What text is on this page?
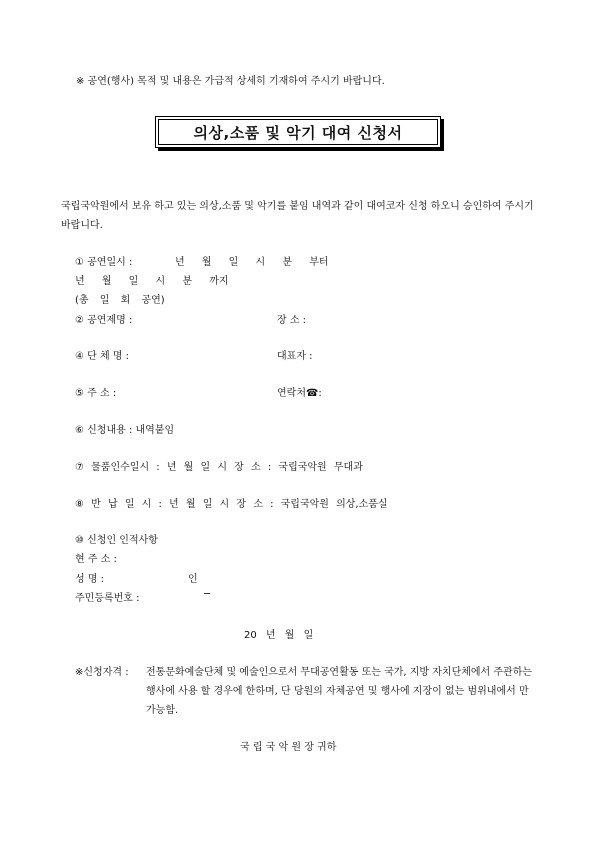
※ 공연(행사) 목적 및 내용은 가급적 상세히 기재하여 주시기 바랍니다.
의상,소품 및 악기 대여 신청서
국립국악원에서 보유 하고 있는 의상,소품 및 악기를 붙임 내역과 같이 대여코자 신청 하오니 승인하여 주시기 바랍니다.
① 공연일시 :	년 월 일 시 분 부터
년 월 일 시 분 까지
(총 일 회 공연)
② 공연제명 :	장 소 :
④ 단 체 명 :	대표자 :
⑤ 주 소 :	연락처☎:
⑥ 신청내용 : 내역붙임
⑦ 물품인수일시 : 년 월 일 시 장 소 : 국립국악원 무대과
⑧ 반 납 일 시 : 년 월 일 시 장 소 : 국립국악원 의상,소품실
⑩ 신청인 인적사항
현 주 소 :
성 명 :	인
주민등록번호 :	─
20 년 월 일
※신청자격 : 전통문화예술단체 및 예술인으로서 무대공연활동 또는 국가, 지방 자치단체에서 주관하는 행사에 사용 할 경우에 한하며, 단 당원의 자체공연 및 행사에 지장이 없는 범위내에서 만 가능함.
국 립 국 악 원 장 귀하
